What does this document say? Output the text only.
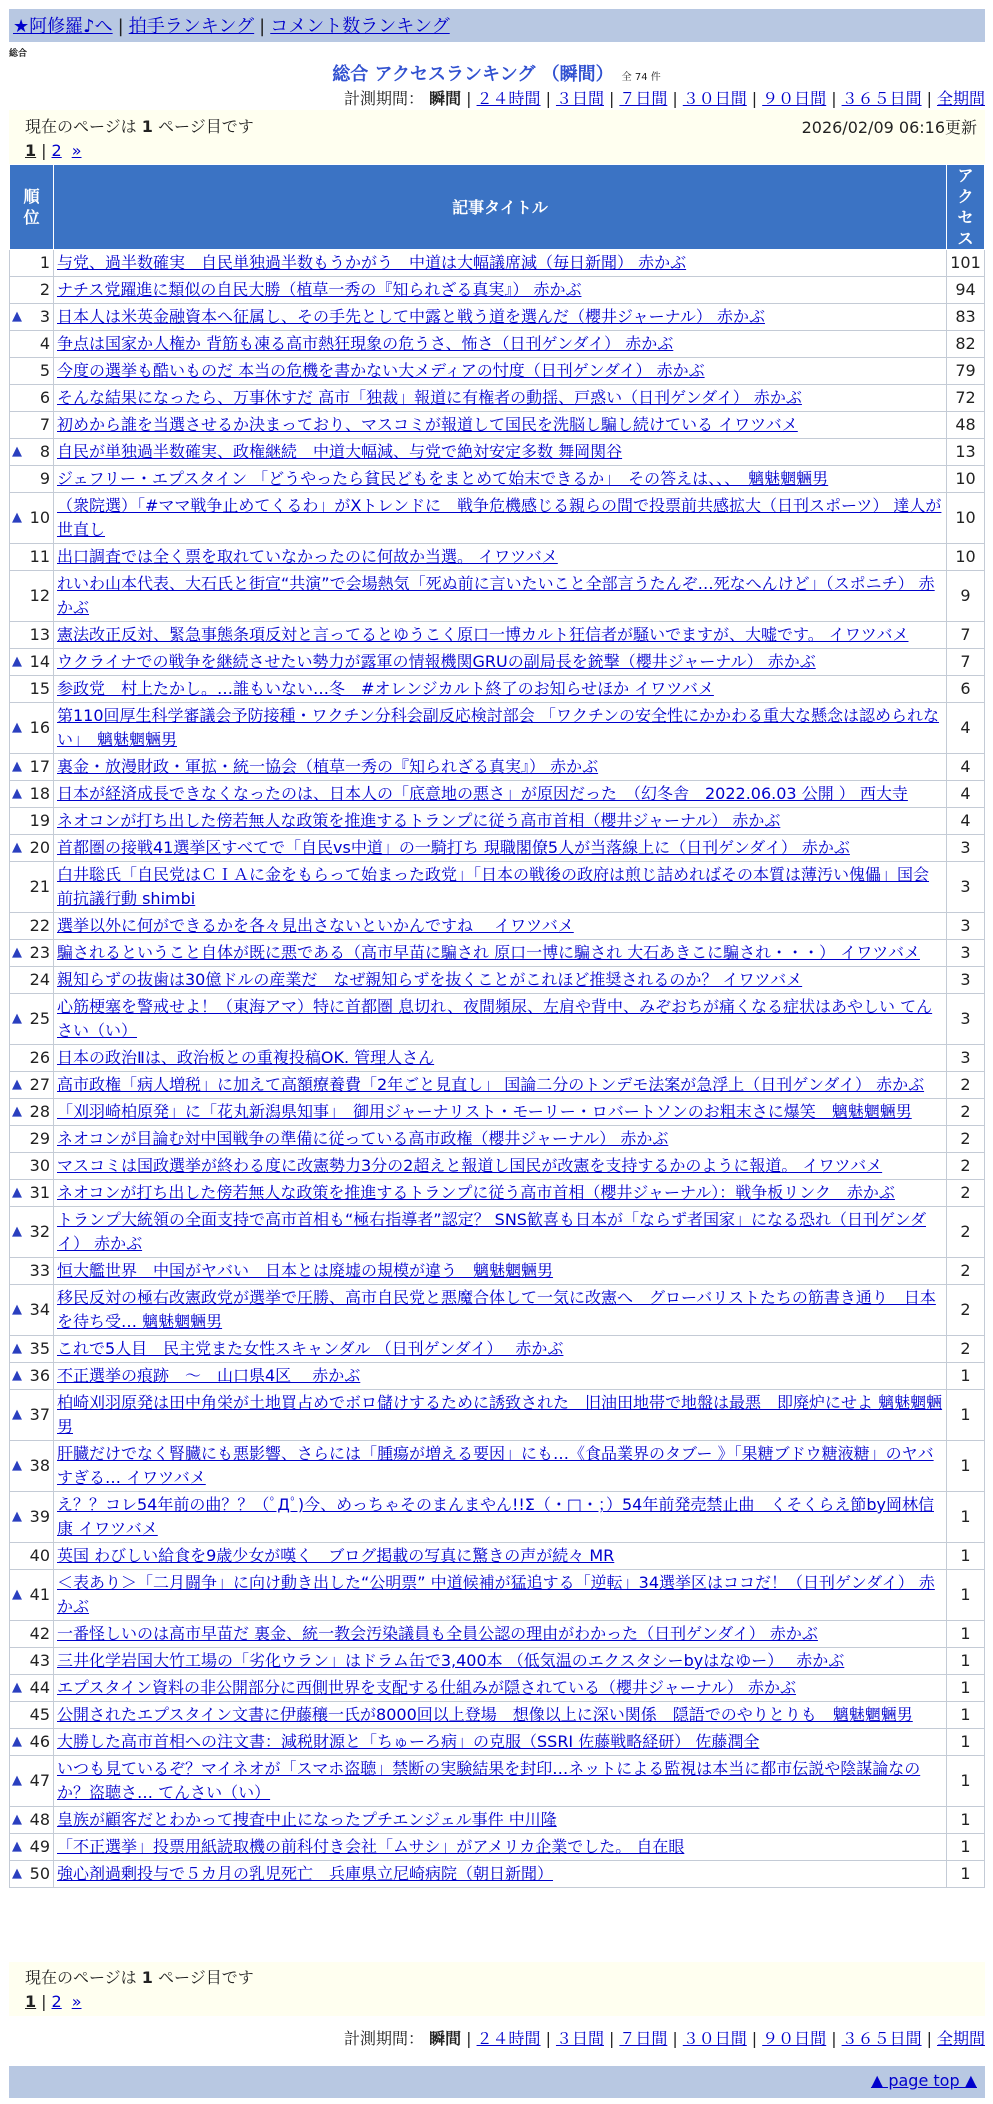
★阿修羅♪へ | 拍手ランキング | コメント数ランキング
総合
総合 アクセスランキング （瞬間） 全 74 件
計測期間： 瞬間 | ２４時間 | ３日間 | ７日間 | ３０日間 | ９０日間 | ３６５日間 | 全期間
現在のページは 1 ページ目です	2026/02/09 06:16更新
1 | 2 »
順位	記事タイトル	アクセス
1	与党、過半数確実　自民単独過半数もうかがう　中道は大幅議席減（毎日新聞） 赤かぶ	101
2	ナチス党躍進に類似の自民大勝（植草一秀の『知られざる真実』） 赤かぶ	94

▲ 3	日本人は米英金融資本へ征属し、その手先として中露と戦う道を選んだ（櫻井ジャーナル） 赤かぶ	83
4	争点は国家か人権か 背筋も凍る高市熱狂現象の危うさ、怖さ（日刊ゲンダイ） 赤かぶ	82
5	今度の選挙も酷いものだ 本当の危機を書かない大メディアの忖度（日刊ゲンダイ） 赤かぶ	79
6	そんな結果になったら、万事休すだ 高市「独裁」報道に有権者の動揺、戸惑い（日刊ゲンダイ） 赤かぶ	72
7	初めから誰を当選させるか決まっており、マスコミが報道して国民を洗脳し騙し続けている イワツバメ	48

▲ 8	自民が単独過半数確実、政権継続　中道大幅減、与党で絶対安定多数 舞岡関谷	13
9	ジェフリー・エプスタイン 「どうやったら貧民どもをまとめて始末できるか」　その答えは、、、　魑魅魍魎男	10

▲ 10	（衆院選）「#ママ戦争止めてくるわ」がXトレンドに　戦争危機感じる親らの間で投票前共感拡大（日刊スポーツ） 達人が世直し	10
11	出口調査では全く票を取れていなかったのに何故か当選。 イワツバメ	10
12	れいわ山本代表、大石氏と街宣“共演”で会場熱気「死ぬ前に言いたいこと全部言うたんぞ…死なへんけど」（スポニチ） 赤かぶ	9
13	憲法改正反対、緊急事態条項反対と言ってるとゆうこく原口一博カルト狂信者が騒いでますが、大嘘です。 イワツバメ	7

▲ 14	ウクライナでの戦争を継続させたい勢力が露軍の情報機関GRUの副局長を銃撃（櫻井ジャーナル） 赤かぶ	7
15	参政党　村上たかし。…誰もいない…冬　#オレンジカルト終了のお知らせほか イワツバメ	6

▲ 16	第110回厚生科学審議会予防接種・ワクチン分科会副反応検討部会 「ワクチンの安全性にかかわる重大な懸念は認められない」　魑魅魍魎男	4

▲ 17	裏金・放漫財政・軍拡・統一協会（植草一秀の『知られざる真実』） 赤かぶ	4

▲ 18	日本が経済成長できなくなったのは、日本人の「底意地の悪さ」が原因だった　（幻冬舎　2022.06.03 公開 ） 西大寺	4
19	ネオコンが打ち出した傍若無人な政策を推進するトランプに従う高市首相（櫻井ジャーナル） 赤かぶ	4

▲ 20	首都圏の接戦41選挙区すべてで「自民vs中道」の一騎打ち 現職閣僚5人が当落線上に（日刊ゲンダイ） 赤かぶ	3
21	白井聡氏「自民党はＣＩＡに金をもらって始まった政党」「日本の戦後の政府は煎じ詰めればその本質は薄汚い傀儡」国会前抗議行動 shimbi	3
22	選挙以外に何ができるかを各々見出さないといかんですね　 イワツバメ	3

▲ 23	騙されるということ自体が既に悪である（高市早苗に騙され 原口一博に騙され 大石あきこに騙され・・・） イワツバメ	3
24	親知らずの抜歯は30億ドルの産業だ　なぜ親知らずを抜くことがこれほど推奨されるのか？ イワツバメ	3

▲ 25	心筋梗塞を警戒せよ！（東海アマ）特に首都圏 息切れ、夜間頻尿、左肩や背中、みぞおちが痛くなる症状はあやしい てんさい（い）	3
26	日本の政治Ⅱは、政治板との重複投稿OK. 管理人さん	3

▲ 27	高市政権「病人増税」に加えて高額療養費「2年ごと見直し」 国論二分のトンデモ法案が急浮上（日刊ゲンダイ） 赤かぶ	2

▲ 28	「刈羽崎柏原発」に「花丸新潟県知事」　御用ジャーナリスト・モーリー・ロバートソンのお粗末さに爆笑　魑魅魍魎男	2
29	ネオコンが目論む対中国戦争の準備に従っている高市政権（櫻井ジャーナル） 赤かぶ	2
30	マスコミは国政選挙が終わる度に改憲勢力3分の2超えと報道し国民が改憲を支持するかのように報道。 イワツバメ	2

▲ 31	ネオコンが打ち出した傍若無人な政策を推進するトランプに従う高市首相（櫻井ジャーナル）：戦争板リンク　赤かぶ	2

▲ 32	トランプ大統領の全面支持で高市首相も“極右指導者”認定？ SNS歓喜も日本が「ならず者国家」になる恐れ（日刊ゲンダイ） 赤かぶ	2
33	恒大艦世界　中国がヤバい　日本とは廃墟の規模が違う　魑魅魍魎男	2

▲ 34	移民反対の極右改憲政党が選挙で圧勝、高市自民党と悪魔合体して一気に改憲へ　グローバリストたちの筋書き通り　日本を待ち受… 魑魅魍魎男	2

▲ 35	これで5人目　民主党また女性スキャンダル （日刊ゲンダイ）　 赤かぶ	2

▲ 36	不正選挙の痕跡　～　山口県4区　 赤かぶ	1

▲ 37	柏崎刈羽原発は田中角栄が土地買占めでボロ儲けするために誘致された　旧油田地帯で地盤は最悪　即廃炉にせよ 魑魅魍魎男	1

▲ 38	肝臓だけでなく腎臓にも悪影響、さらには「腫瘍が増える要因」にも…《食品業界のタブー 》「果糖ブドウ糖液糖」のヤバすぎる… イワツバメ	1

▲ 39	え？？コレ54年前の曲？？（ﾟДﾟ)今、めっちゃそのまんまやん!!Σ（・□・；）54年前発売禁止曲　くそくらえ節by岡林信康 イワツバメ	1
40	英国 わびしい給食を9歳少女が嘆く　ブログ掲載の写真に驚きの声が続々 MR	1

▲ 41	＜表あり＞「二月闘争」に向け動き出した“公明票” 中道候補が猛追する「逆転」34選挙区はココだ！（日刊ゲンダイ） 赤かぶ	1
42	一番怪しいのは高市早苗だ 裏金、統一教会汚染議員も全員公認の理由がわかった（日刊ゲンダイ） 赤かぶ	1
43	三井化学岩国大竹工場の「劣化ウラン」はドラム缶で3,400本 （低気温のエクスタシーbyはなゆー）　 赤かぶ	1

▲ 44	エプスタイン資料の非公開部分に西側世界を支配する仕組みが隠されている（櫻井ジャーナル） 赤かぶ	1
45	公開されたエプスタイン文書に伊藤穰一氏が8000回以上登場　想像以上に深い関係　隠語でのやりとりも　魑魅魍魎男	1

▲ 46	大勝した高市首相への注文書：減税財源と「ちゅーろ病」の克服（SSRI 佐藤戦略経研） 佐藤潤全	1

▲ 47	いつも見ているぞ？マイネオが「スマホ盗聴」禁断の実験結果を封印…ネットによる監視は本当に都市伝説や陰謀論なのか？盗聴さ… てんさい（い）	1

▲ 48	皇族が顧客だとわかって捜査中止になったプチエンジェル事件 中川隆	1

▲ 49	「不正選挙」投票用紙読取機の前科付き会社「ムサシ」がアメリカ企業でした。 自在眼	1

▲ 50	強心剤過剰投与で５カ月の乳児死亡　兵庫県立尼崎病院（朝日新聞）	1
現在のページは 1 ページ目です
1 | 2 »
計測期間： 瞬間 | ２４時間 | ３日間 | ７日間 | ３０日間 | ９０日間 | ３６５日間 | 全期間
▲ page top ▲
